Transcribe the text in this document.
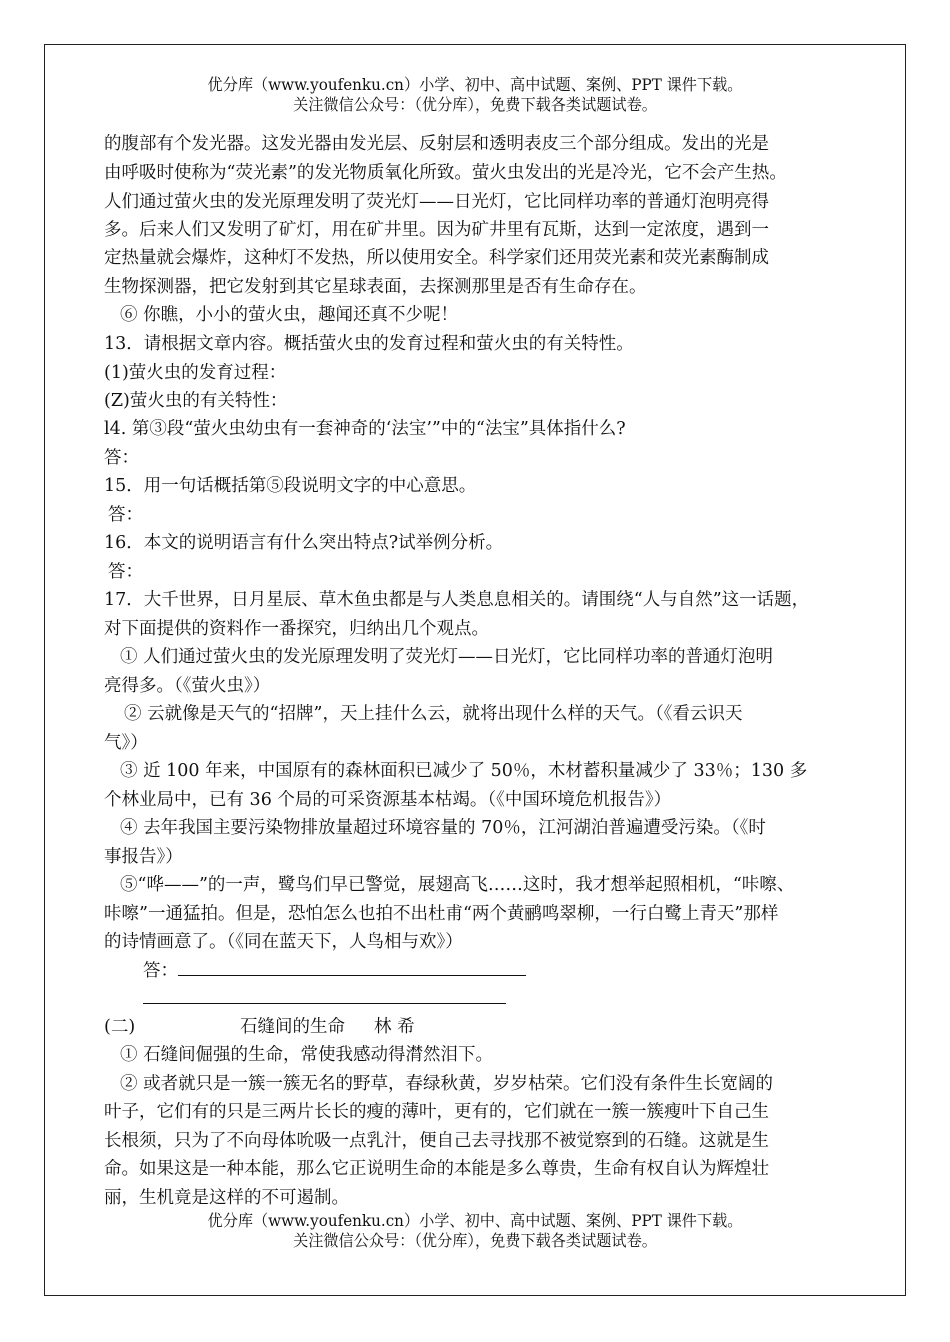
优分库（www.youfenku.cn）小学、初中、高中试题、案例、PPT 课件下载。
关注微信公众号：（优分库），免费下载各类试题试卷。
的腹部有个发光器。这发光器由发光层、反射层和透明表皮三个部分组成。发出的光是
由呼吸时使称为“荧光素”的发光物质氧化所致。萤火虫发出的光是冷光，它不会产生热。
人们通过萤火虫的发光原理发明了荧光灯——日光灯，它比同样功率的普通灯泡明亮得
多。后来人们又发明了矿灯，用在矿井里。因为矿井里有瓦斯，达到一定浓度，遇到一
定热量就会爆炸，这种灯不发热，所以使用安全。科学家们还用荧光素和荧光素酶制成
生物探测器，把它发射到其它星球表面，去探测那里是否有生命存在。
⑥ 你瞧，小小的萤火虫，趣闻还真不少呢！
13．请根据文章内容。概括萤火虫的发育过程和萤火虫的有关特性。
(1)萤火虫的发育过程：
(Z)萤火虫的有关特性：
l4. 第③段“萤火虫幼虫有一套神奇的‘法宝’”中的“法宝”具体指什么?
答：
15．用一句话概括第⑤段说明文字的中心意思。
答：
16．本文的说明语言有什么突出特点?试举例分析。
答：
17．大千世界，日月星辰、草木鱼虫都是与人类息息相关的。请围绕“人与自然”这一话题，
对下面提供的资料作一番探究，归纳出几个观点。
① 人们通过萤火虫的发光原理发明了荧光灯——日光灯，它比同样功率的普通灯泡明
亮得多。（《萤火虫》）
② 云就像是天气的“招牌”，天上挂什么云，就将出现什么样的天气。（《看云识天
气》）
③ 近 100 年来，中国原有的森林面积已减少了 50％，木材蓄积量减少了 33％；130 多
个林业局中，已有 36 个局的可采资源基本枯竭。（《中国环境危机报告》）
④ 去年我国主要污染物排放量超过环境容量的 70％，江河湖泊普遍遭受污染。（《时
事报告》）
⑤“哗——”的一声，鹭鸟们早已警觉，展翅高飞……这时，我才想举起照相机，“咔嚓、
咔嚓”一通猛拍。但是，恐怕怎么也拍不出杜甫“两个黄鹂鸣翠柳，一行白鹭上青天”那样
的诗情画意了。（《同在蓝天下，人鸟相与欢》）
答：
(二)	石缝间的生命 林 希
① 石缝间倔强的生命，常使我感动得潸然泪下。
② 或者就只是一簇一簇无名的野草，春绿秋黄，岁岁枯荣。它们没有条件生长宽阔的
叶子，它们有的只是三两片长长的瘦的薄叶，更有的，它们就在一簇一簇瘦叶下自己生
长根须，只为了不向母体吮吸一点乳汁，便自己去寻找那不被觉察到的石缝。这就是生
命。如果这是一种本能，那么它正说明生命的本能是多么尊贵，生命有权自认为辉煌壮
丽，生机竟是这样的不可遏制。
优分库（www.youfenku.cn）小学、初中、高中试题、案例、PPT 课件下载。
关注微信公众号：（优分库），免费下载各类试题试卷。
